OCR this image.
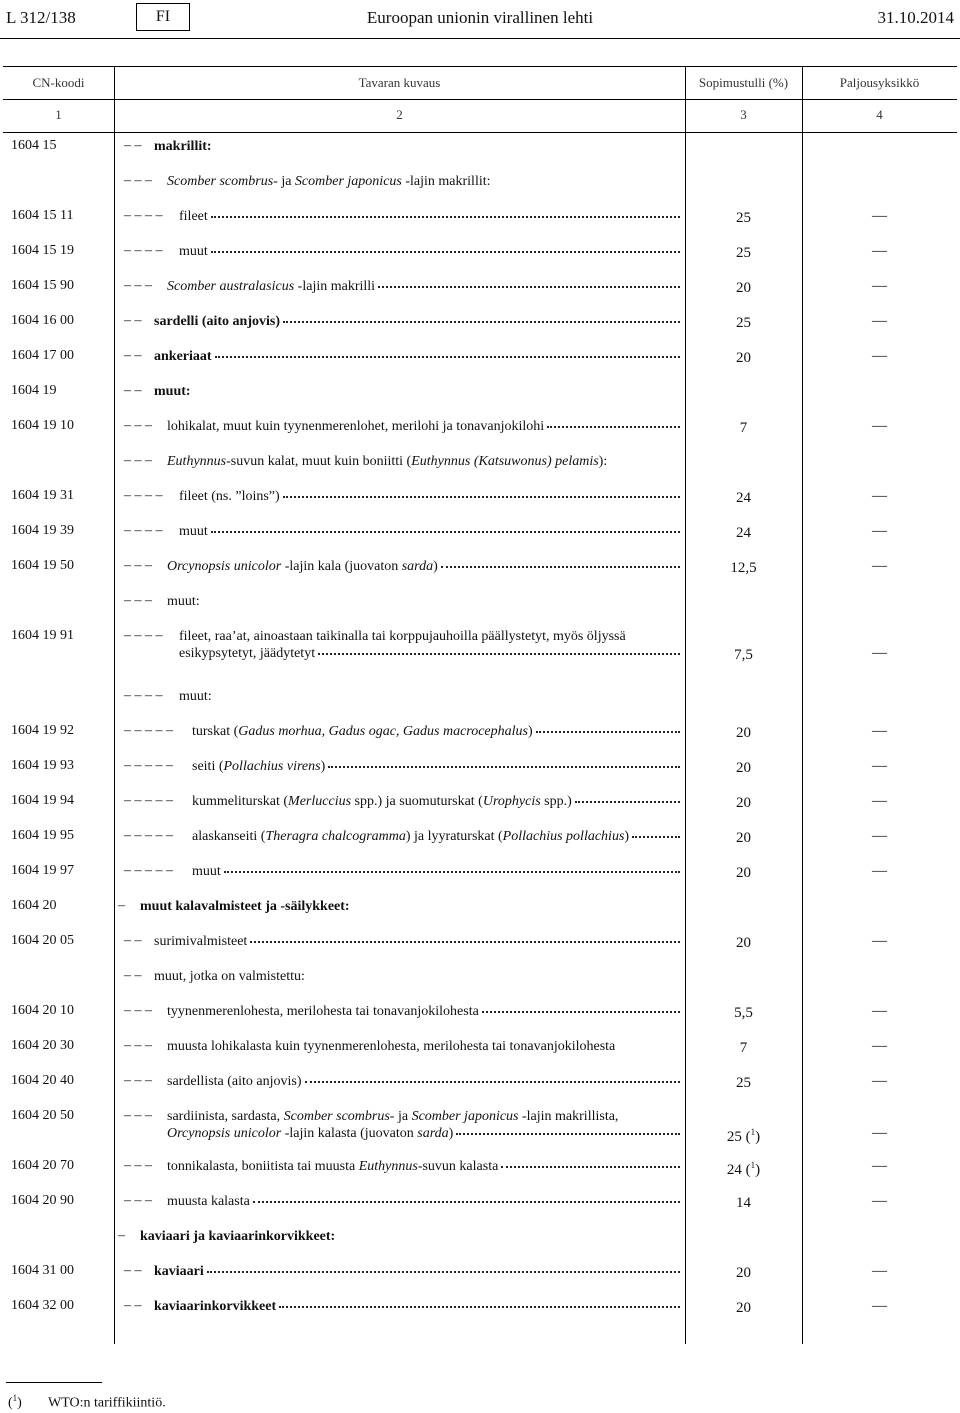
L 312/138	FI	Euroopan unionin virallinen lehti	31.10.2014
CN-koodi	Tavaran kuvaus	Sopimustulli (%)	Paljousyksikkö
1	2	3	4
1604 15	– – makrillit:
– – – Scomber scombrus- ja Scomber japonicus -lajin makrillit:
1604 15 11	– – – – fileet	25	—
1604 15 19	– – – – muut	25	—
1604 15 90	– – – Scomber australasicus -lajin makrilli	20	—
1604 16 00	– – sardelli (aito anjovis)	25	—
1604 17 00	– – ankeriaat	20	—
1604 19	– – muut:
1604 19 10	– – – lohikalat, muut kuin tyynenmerenlohet, merilohi ja tonavanjokilohi	7	—
– – – Euthynnus-suvun kalat, muut kuin boniitti (Euthynnus (Katsuwonus) pelamis):
1604 19 31	– – – – fileet (ns. ”loins”)	24	—
1604 19 39	– – – – muut	24	—
1604 19 50	– – – Orcynopsis unicolor -lajin kala (juovaton sarda)	12,5	—
– – – muut:
1604 19 91	– – – – fileet, raa’at, ainoastaan taikinalla tai korppujauhoilla päällystetyt, myös öljyssä
esikypsytetyt, jäädytetyt	7,5	—
– – – – muut:
1604 19 92	– – – – – turskat (Gadus morhua, Gadus ogac, Gadus macrocephalus)	20	—
1604 19 93	– – – – – seiti (Pollachius virens)	20	—
1604 19 94	– – – – – kummeliturskat (Merluccius spp.) ja suomuturskat (Urophycis spp.)	20	—
1604 19 95	– – – – – alaskanseiti (Theragra chalcogramma) ja lyyraturskat (Pollachius pollachius)	20	—
1604 19 97	– – – – – muut	20	—
1604 20	– muut kalavalmisteet ja -säilykkeet:
1604 20 05	– – surimivalmisteet	20	—
– – muut, jotka on valmistettu:
1604 20 10	– – – tyynenmerenlohesta, merilohesta tai tonavanjokilohesta	5,5	—
1604 20 30	– – – muusta lohikalasta kuin tyynenmerenlohesta, merilohesta tai tonavanjokilohesta	7	—
1604 20 40	– – – sardellista (aito anjovis)	25	—
1604 20 50	– – – sardiinista, sardasta, Scomber scombrus- ja Scomber japonicus -lajin makrillista,
Orcynopsis unicolor -lajin kalasta (juovaton sarda)	25 ($^1$)	—
1604 20 70	– – – tonnikalasta, boniitista tai muusta Euthynnus-suvun kalasta	24 ($^1$)	—
1604 20 90	– – – muusta kalasta	14	—
– kaviaari ja kaviaarinkorvikkeet:
1604 31 00	– – kaviaari	20	—
1604 32 00	– – kaviaarinkorvikkeet	20	—
($^1$) WTO:n tariffikiintiö.
